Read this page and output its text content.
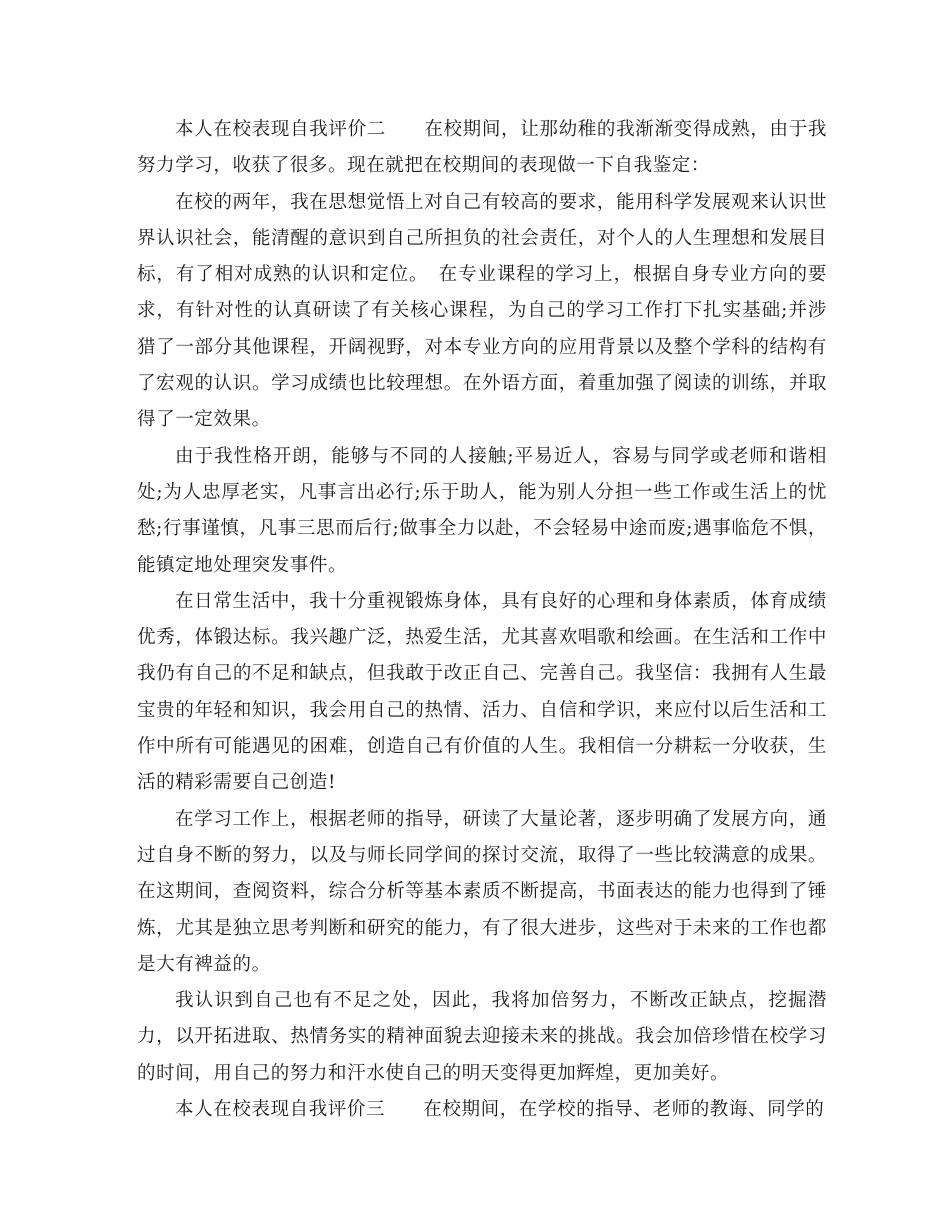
本人在校表现自我评价二　　在校期间，让那幼稚的我渐渐变得成熟，由于我努力学习，收获了很多。现在就把在校期间的表现做一下自我鉴定：

在校的两年，我在思想觉悟上对自己有较高的要求，能用科学发展观来认识世界认识社会，能清醒的意识到自己所担负的社会责任，对个人的人生理想和发展目标，有了相对成熟的认识和定位。　在专业课程的学习上，根据自身专业方向的要求，有针对性的认真研读了有关核心课程，为自己的学习工作打下扎实基础;并涉猎了一部分其他课程，开阔视野，对本专业方向的应用背景以及整个学科的结构有了宏观的认识。学习成绩也比较理想。在外语方面，着重加强了阅读的训练，并取得了一定效果。

由于我性格开朗，能够与不同的人接触;平易近人，容易与同学或老师和谐相处;为人忠厚老实，凡事言出必行;乐于助人，能为别人分担一些工作或生活上的忧愁;行事谨慎，凡事三思而后行;做事全力以赴，不会轻易中途而废;遇事临危不惧，能镇定地处理突发事件。

在日常生活中，我十分重视锻炼身体，具有良好的心理和身体素质，体育成绩优秀，体锻达标。我兴趣广泛，热爱生活，尤其喜欢唱歌和绘画。在生活和工作中我仍有自己的不足和缺点，但我敢于改正自己、完善自己。我坚信：我拥有人生最宝贵的年轻和知识，我会用自己的热情、活力、自信和学识，来应付以后生活和工作中所有可能遇见的困难，创造自己有价值的人生。我相信一分耕耘一分收获，生活的精彩需要自己创造!

在学习工作上，根据老师的指导，研读了大量论著，逐步明确了发展方向，通过自身不断的努力，以及与师长同学间的探讨交流，取得了一些比较满意的成果。在这期间，查阅资料，综合分析等基本素质不断提高，书面表达的能力也得到了锤炼，尤其是独立思考判断和研究的能力，有了很大进步，这些对于未来的工作也都是大有裨益的。

我认识到自己也有不足之处，因此，我将加倍努力，不断改正缺点，挖掘潜力，以开拓进取、热情务实的精神面貌去迎接未来的挑战。我会加倍珍惜在校学习的时间，用自己的努力和汗水使自己的明天变得更加辉煌，更加美好。

本人在校表现自我评价三　　在校期间，在学校的指导、老师的教诲、同学的
